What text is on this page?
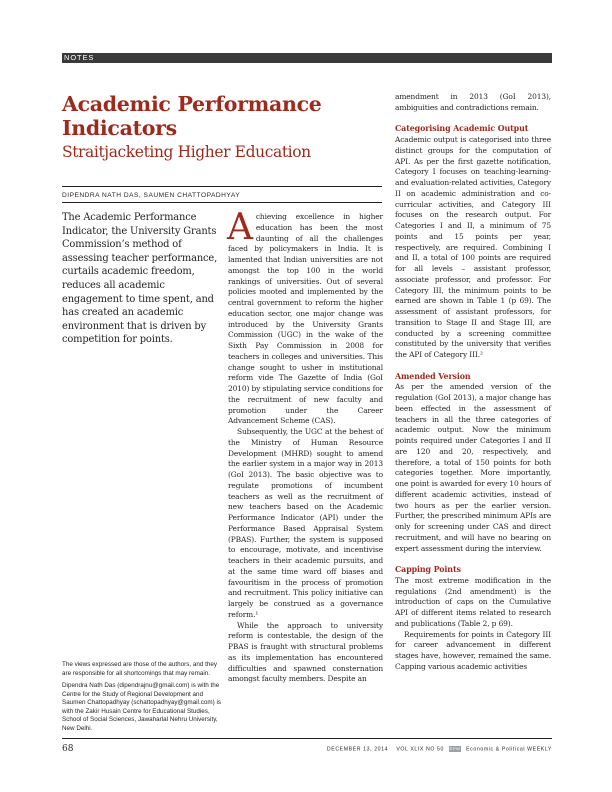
NOTES
Academic Performance Indicators
Straitjacketing Higher Education
DIPENDRA NATH DAS, SAUMEN CHATTOPADHYAY
The Academic Performance Indicator, the University Grants Commission’s method of assessing teacher performance, curtails academic freedom, reduces all academic engagement to time spent, and has created an academic environment that is driven by competition for points.

Achieving excellence in higher education has been the most daunting of all the challenges faced by policymakers in India. It is lamented that Indian universities are not amongst the top 100 in the world rankings of universities. Out of several policies mooted and implemented by the central government to reform the higher education sector, one major change was introduced by the University Grants Commission (UGC) in the wake of the Sixth Pay Commission in 2008 for teachers in colleges and universities. This change sought to usher in institutional reform vide The Gazette of India (GoI 2010) by stipulating service conditions for the recruitment of new faculty and promotion under the Career Advancement Scheme (CAS).

Subsequently, the UGC at the behest of the Ministry of Human Resource Development (MHRD) sought to amend the earlier system in a major way in 2013 (GoI 2013). The basic objective was to regulate promotions of incumbent teachers as well as the recruitment of new teachers based on the Academic Performance Indicator (API) under the Performance Based Appraisal System (PBAS). Further, the system is supposed to encourage, motivate, and incentivise teachers in their academic pursuits, and at the same time ward off biases and favouritism in the process of promotion and recruitment. This policy initiative can largely be construed as a governance reform.¹

While the approach to university reform is contestable, the design of the PBAS is fraught with structural problems as its implementation has encountered difficulties and spawned consternation amongst faculty members. Despite an

amendment in 2013 (GoI 2013), ambiguities and contradictions remain.

Categorising Academic Output

Academic output is categorised into three distinct groups for the computation of API. As per the first gazette notification, Category I focuses on teaching-learning- and evaluation-related activities, Category II on academic administration and co-curricular activities, and Category III focuses on the research output. For Categories I and II, a minimum of 75 points and 15 points per year, respectively, are required. Combining I and II, a total of 100 points are required for all levels – assistant professor, associate professor, and professor. For Category III, the minimum points to be earned are shown in Table 1 (p 69). The assessment of assistant professors, for transition to Stage II and Stage III, are conducted by a screening committee constituted by the university that verifies the API of Category III.²

Amended Version

As per the amended version of the regulation (GoI 2013), a major change has been effected in the assessment of teachers in all the three categories of academic output. Now the minimum points required under Categories I and II are 120 and 20, respectively, and therefore, a total of 150 points for both categories together. More importantly, one point is awarded for every 10 hours of different academic activities, instead of two hours as per the earlier version. Further, the prescribed minimum APIs are only for screening under CAS and direct recruitment, and will have no bearing on expert assessment during the interview.

Capping Points

The most extreme modification in the regulations (2nd amendment) is the introduction of caps on the Cumulative API of different items related to research and publications (Table 2, p 69).

Requirements for points in Category III for career advancement in different stages have, however, remained the same. Capping various academic activities

The views expressed are those of the authors, and they are responsible for all shortcomings that may remain.

Dipendra Nath Das (dipendrajnu@gmail.com) is with the Centre for the Study of Regional Development and Saumen Chattopadhyay (schattopadhyay@gmail.com) is with the Zakir Husain Centre for Educational Studies, School of Social Sciences, Jawaharlal Nehru University, New Delhi.

68	DECEMBER 13, 2014 VOL XLIX NO 50 EPW Economic & Political WEEKLY
